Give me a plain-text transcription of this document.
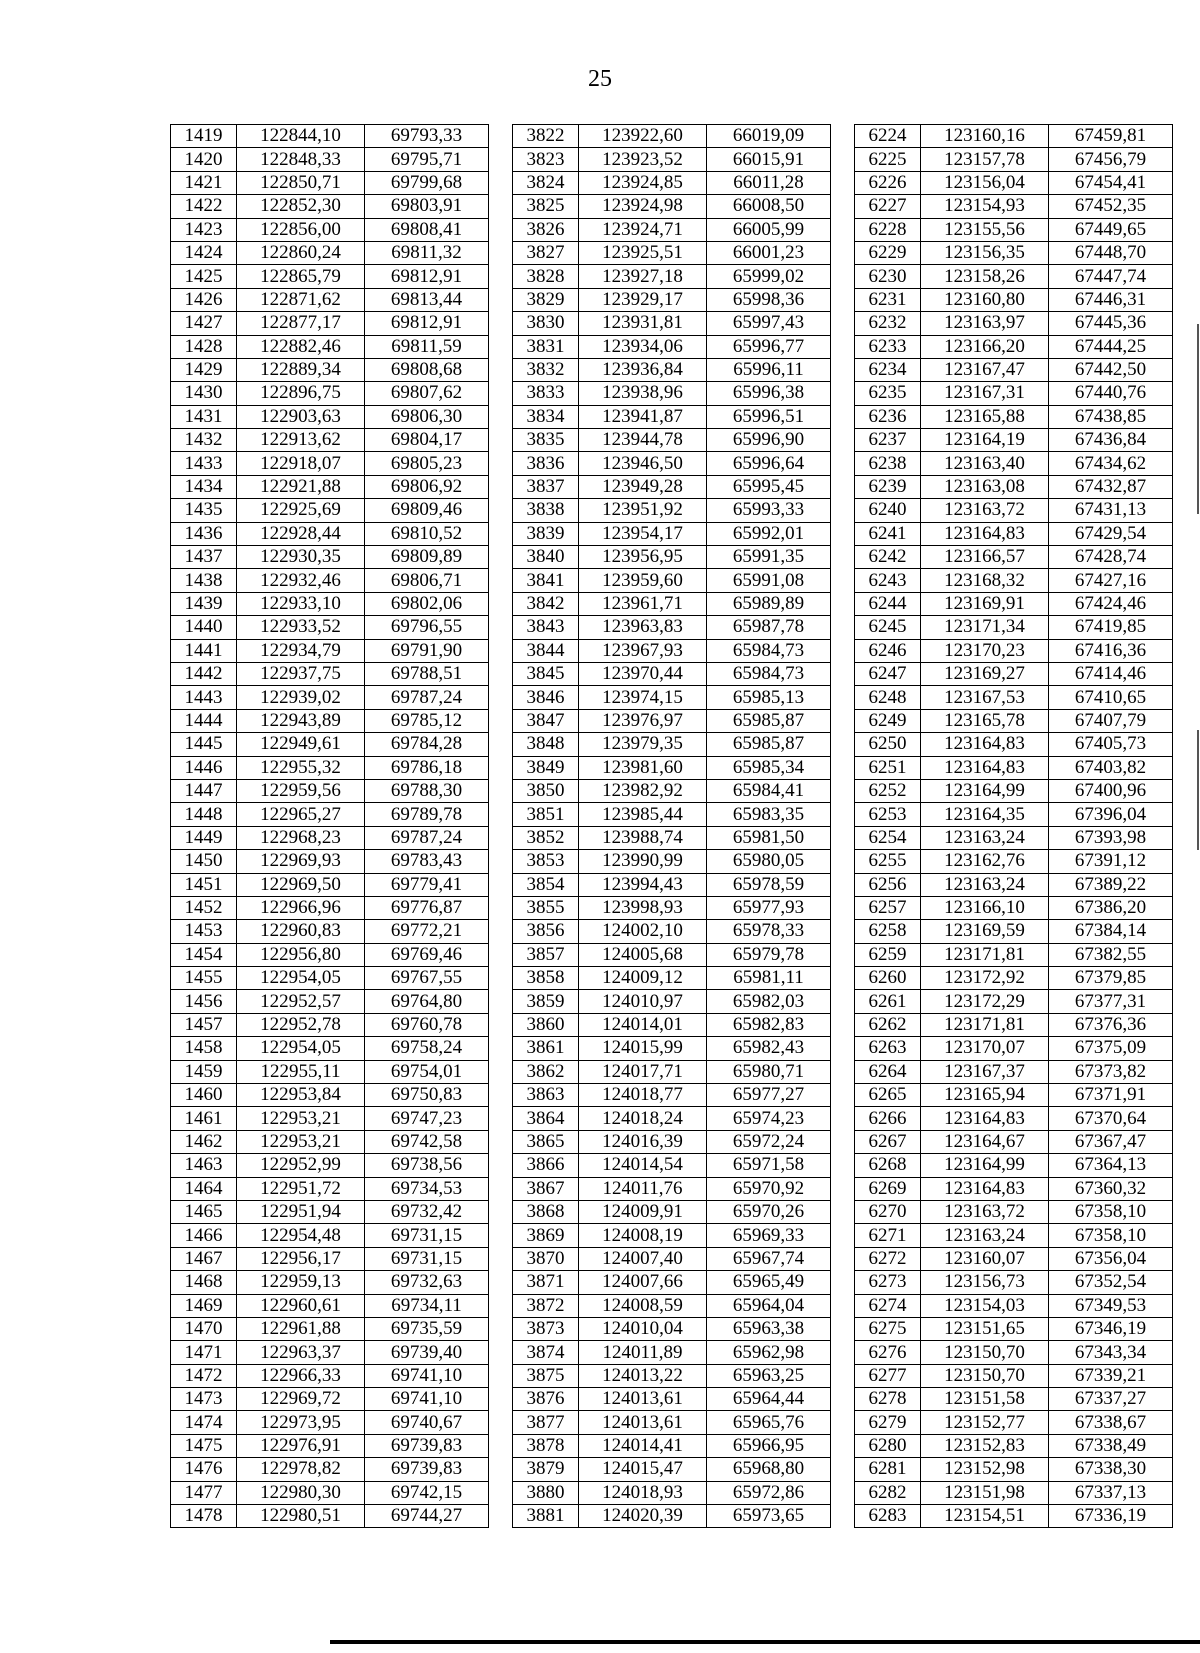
25
1419	122844,10	69793,33		3822	123922,60	66019,09		6224	123160,16	67459,81
1420	122848,33	69795,71		3823	123923,52	66015,91		6225	123157,78	67456,79
1421	122850,71	69799,68		3824	123924,85	66011,28		6226	123156,04	67454,41
1422	122852,30	69803,91		3825	123924,98	66008,50		6227	123154,93	67452,35
1423	122856,00	69808,41		3826	123924,71	66005,99		6228	123155,56	67449,65
1424	122860,24	69811,32		3827	123925,51	66001,23		6229	123156,35	67448,70
1425	122865,79	69812,91		3828	123927,18	65999,02		6230	123158,26	67447,74
1426	122871,62	69813,44		3829	123929,17	65998,36		6231	123160,80	67446,31
1427	122877,17	69812,91		3830	123931,81	65997,43		6232	123163,97	67445,36
1428	122882,46	69811,59		3831	123934,06	65996,77		6233	123166,20	67444,25
1429	122889,34	69808,68		3832	123936,84	65996,11		6234	123167,47	67442,50
1430	122896,75	69807,62		3833	123938,96	65996,38		6235	123167,31	67440,76
1431	122903,63	69806,30		3834	123941,87	65996,51		6236	123165,88	67438,85
1432	122913,62	69804,17		3835	123944,78	65996,90		6237	123164,19	67436,84
1433	122918,07	69805,23		3836	123946,50	65996,64		6238	123163,40	67434,62
1434	122921,88	69806,92		3837	123949,28	65995,45		6239	123163,08	67432,87
1435	122925,69	69809,46		3838	123951,92	65993,33		6240	123163,72	67431,13
1436	122928,44	69810,52		3839	123954,17	65992,01		6241	123164,83	67429,54
1437	122930,35	69809,89		3840	123956,95	65991,35		6242	123166,57	67428,74
1438	122932,46	69806,71		3841	123959,60	65991,08		6243	123168,32	67427,16
1439	122933,10	69802,06		3842	123961,71	65989,89		6244	123169,91	67424,46
1440	122933,52	69796,55		3843	123963,83	65987,78		6245	123171,34	67419,85
1441	122934,79	69791,90		3844	123967,93	65984,73		6246	123170,23	67416,36
1442	122937,75	69788,51		3845	123970,44	65984,73		6247	123169,27	67414,46
1443	122939,02	69787,24		3846	123974,15	65985,13		6248	123167,53	67410,65
1444	122943,89	69785,12		3847	123976,97	65985,87		6249	123165,78	67407,79
1445	122949,61	69784,28		3848	123979,35	65985,87		6250	123164,83	67405,73
1446	122955,32	69786,18		3849	123981,60	65985,34		6251	123164,83	67403,82
1447	122959,56	69788,30		3850	123982,92	65984,41		6252	123164,99	67400,96
1448	122965,27	69789,78		3851	123985,44	65983,35		6253	123164,35	67396,04
1449	122968,23	69787,24		3852	123988,74	65981,50		6254	123163,24	67393,98
1450	122969,93	69783,43		3853	123990,99	65980,05		6255	123162,76	67391,12
1451	122969,50	69779,41		3854	123994,43	65978,59		6256	123163,24	67389,22
1452	122966,96	69776,87		3855	123998,93	65977,93		6257	123166,10	67386,20
1453	122960,83	69772,21		3856	124002,10	65978,33		6258	123169,59	67384,14
1454	122956,80	69769,46		3857	124005,68	65979,78		6259	123171,81	67382,55
1455	122954,05	69767,55		3858	124009,12	65981,11		6260	123172,92	67379,85
1456	122952,57	69764,80		3859	124010,97	65982,03		6261	123172,29	67377,31
1457	122952,78	69760,78		3860	124014,01	65982,83		6262	123171,81	67376,36
1458	122954,05	69758,24		3861	124015,99	65982,43		6263	123170,07	67375,09
1459	122955,11	69754,01		3862	124017,71	65980,71		6264	123167,37	67373,82
1460	122953,84	69750,83		3863	124018,77	65977,27		6265	123165,94	67371,91
1461	122953,21	69747,23		3864	124018,24	65974,23		6266	123164,83	67370,64
1462	122953,21	69742,58		3865	124016,39	65972,24		6267	123164,67	67367,47
1463	122952,99	69738,56		3866	124014,54	65971,58		6268	123164,99	67364,13
1464	122951,72	69734,53		3867	124011,76	65970,92		6269	123164,83	67360,32
1465	122951,94	69732,42		3868	124009,91	65970,26		6270	123163,72	67358,10
1466	122954,48	69731,15		3869	124008,19	65969,33		6271	123163,24	67358,10
1467	122956,17	69731,15		3870	124007,40	65967,74		6272	123160,07	67356,04
1468	122959,13	69732,63		3871	124007,66	65965,49		6273	123156,73	67352,54
1469	122960,61	69734,11		3872	124008,59	65964,04		6274	123154,03	67349,53
1470	122961,88	69735,59		3873	124010,04	65963,38		6275	123151,65	67346,19
1471	122963,37	69739,40		3874	124011,89	65962,98		6276	123150,70	67343,34
1472	122966,33	69741,10		3875	124013,22	65963,25		6277	123150,70	67339,21
1473	122969,72	69741,10		3876	124013,61	65964,44		6278	123151,58	67337,27
1474	122973,95	69740,67		3877	124013,61	65965,76		6279	123152,77	67338,67
1475	122976,91	69739,83		3878	124014,41	65966,95		6280	123152,83	67338,49
1476	122978,82	69739,83		3879	124015,47	65968,80		6281	123152,98	67338,30
1477	122980,30	69742,15		3880	124018,93	65972,86		6282	123151,98	67337,13
1478	122980,51	69744,27		3881	124020,39	65973,65		6283	123154,51	67336,19
